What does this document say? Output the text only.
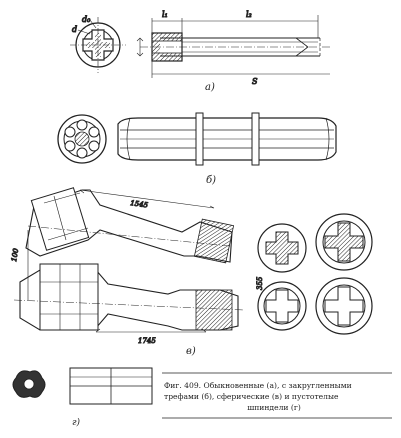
d
d₀
l₁	l₂
S
а)
б)
1545
1745
100
355
в)
г)
Фиг. 409. Обыкновенные (а), с закругленными
трефами (б), сферические (в) и пустотелые
шпиндели (г)
